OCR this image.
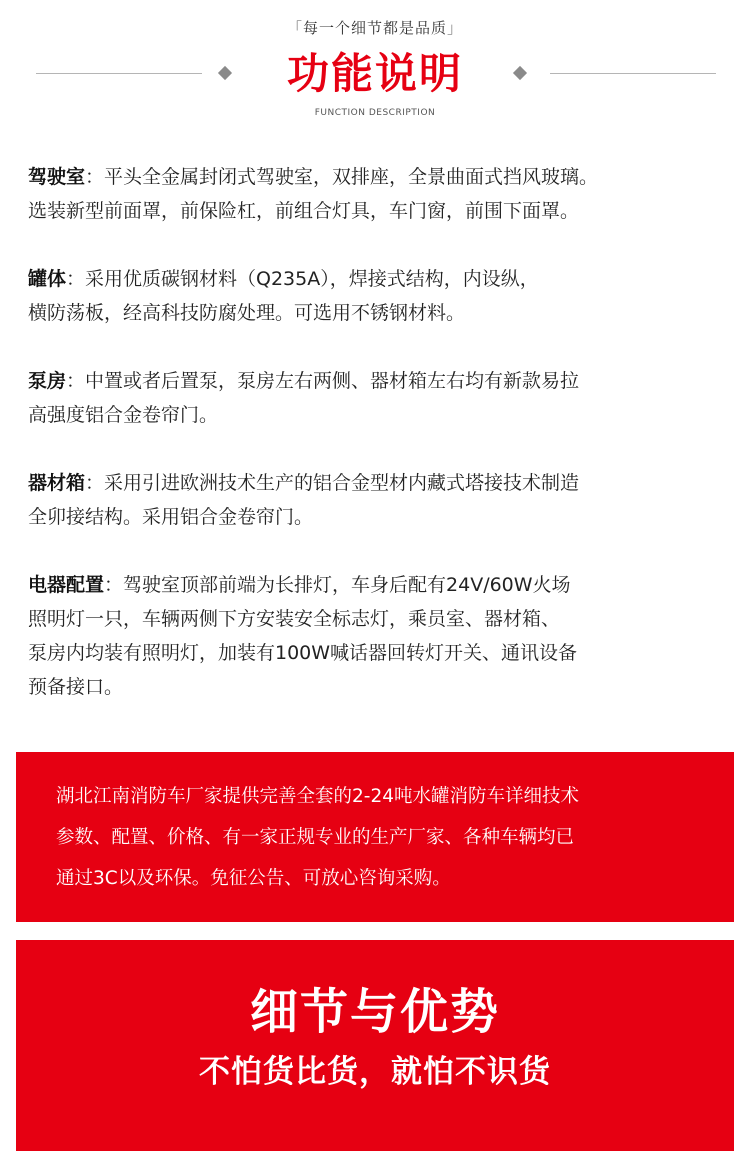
「每一个细节都是品质」
功能说明
FUNCTION DESCRIPTION

驾驶室：平头全金属封闭式驾驶室，双排座，全景曲面式挡风玻璃。
选装新型前面罩，前保险杠，前组合灯具，车门窗，前围下面罩。

罐体：采用优质碳钢材料（Q235A），焊接式结构，内设纵，
横防荡板，经高科技防腐处理。可选用不锈钢材料。

泵房：中置或者后置泵，泵房左右两侧、器材箱左右均有新款易拉
高强度铝合金卷帘门。

器材箱：采用引进欧洲技术生产的铝合金型材内藏式塔接技术制造
全卯接结构。采用铝合金卷帘门。

电器配置：驾驶室顶部前端为长排灯，车身后配有24V/60W火场
照明灯一只，车辆两侧下方安装安全标志灯，乘员室、器材箱、
泵房内均装有照明灯，加装有100W喊话器回转灯开关、通讯设备
预备接口。

湖北江南消防车厂家提供完善全套的2-24吨水罐消防车详细技术
参数、配置、价格、有一家正规专业的生产厂家、各种车辆均已
通过3C以及环保。免征公告、可放心咨询采购。
细节与优势
不怕货比货，就怕不识货
